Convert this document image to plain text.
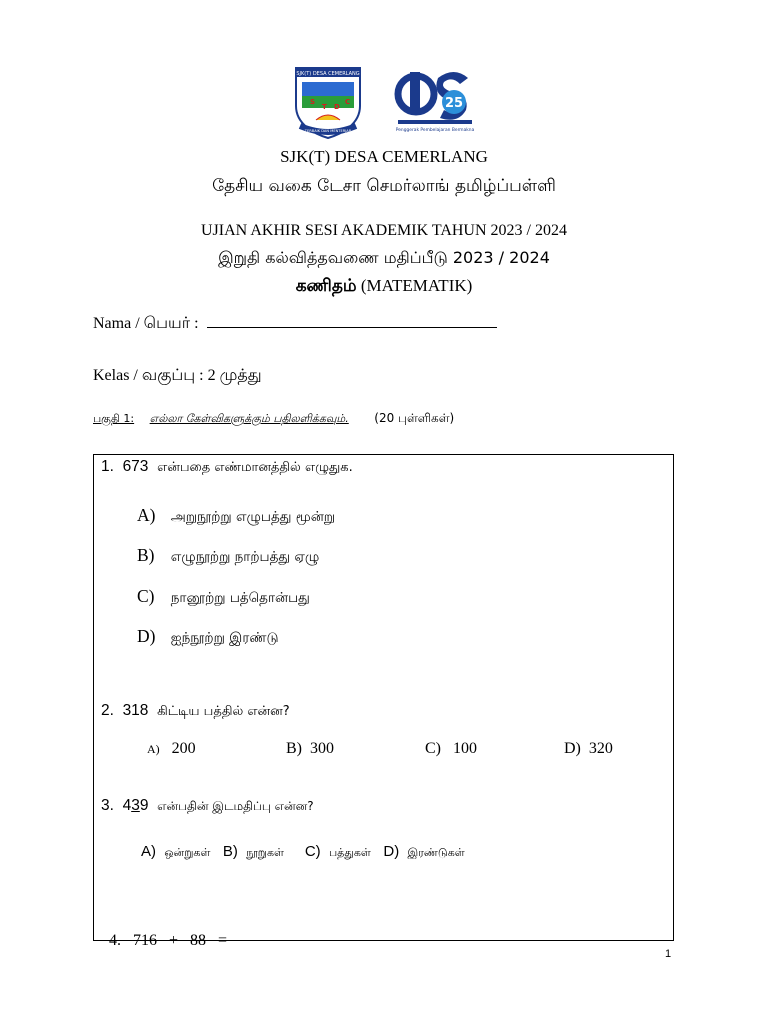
SJK(T) DESA CEMERLANG
S
T D
C
TERBAIK DAN MENTERJAR
25
Penggerak Pembelajaran Bermakna
SJK(T) DESA CEMERLANG
தேசிய வகை டேசா செமர்லாங் தமிழ்ப்பள்ளி
UJIAN AKHIR SESI AKADEMIK TAHUN 2023 / 2024
இறுதி கல்வித்தவணை மதிப்பீடு 2023 / 2024
கணிதம் (MATEMATIK)
Nama / பெயர் :
Kelas / வகுப்பு : 2 முத்து
பகுதி 1: எல்லா கேள்விகளுக்கும் பதிலளிக்கவும். (20 புள்ளிகள்)
1. 673 என்பதை எண்மானத்தில் எழுதுக.
A) அறுநூற்று எழுபத்து மூன்று
B) எழுநூற்று நாற்பத்து ஏழு
C) நானூற்று பத்தொன்பது
D) ஐந்நூற்று இரண்டு
2. 318 கிட்டிய பத்தில் என்ன?
A) 200	B) 300	C) 100	D) 320
3. 439 என்பதின் இடமதிப்பு என்ன?
A) ஒன்றுகள் B) நூறுகள் C) பத்துகள் D) இரண்டுகள்

4. 716   +   88   =

1
